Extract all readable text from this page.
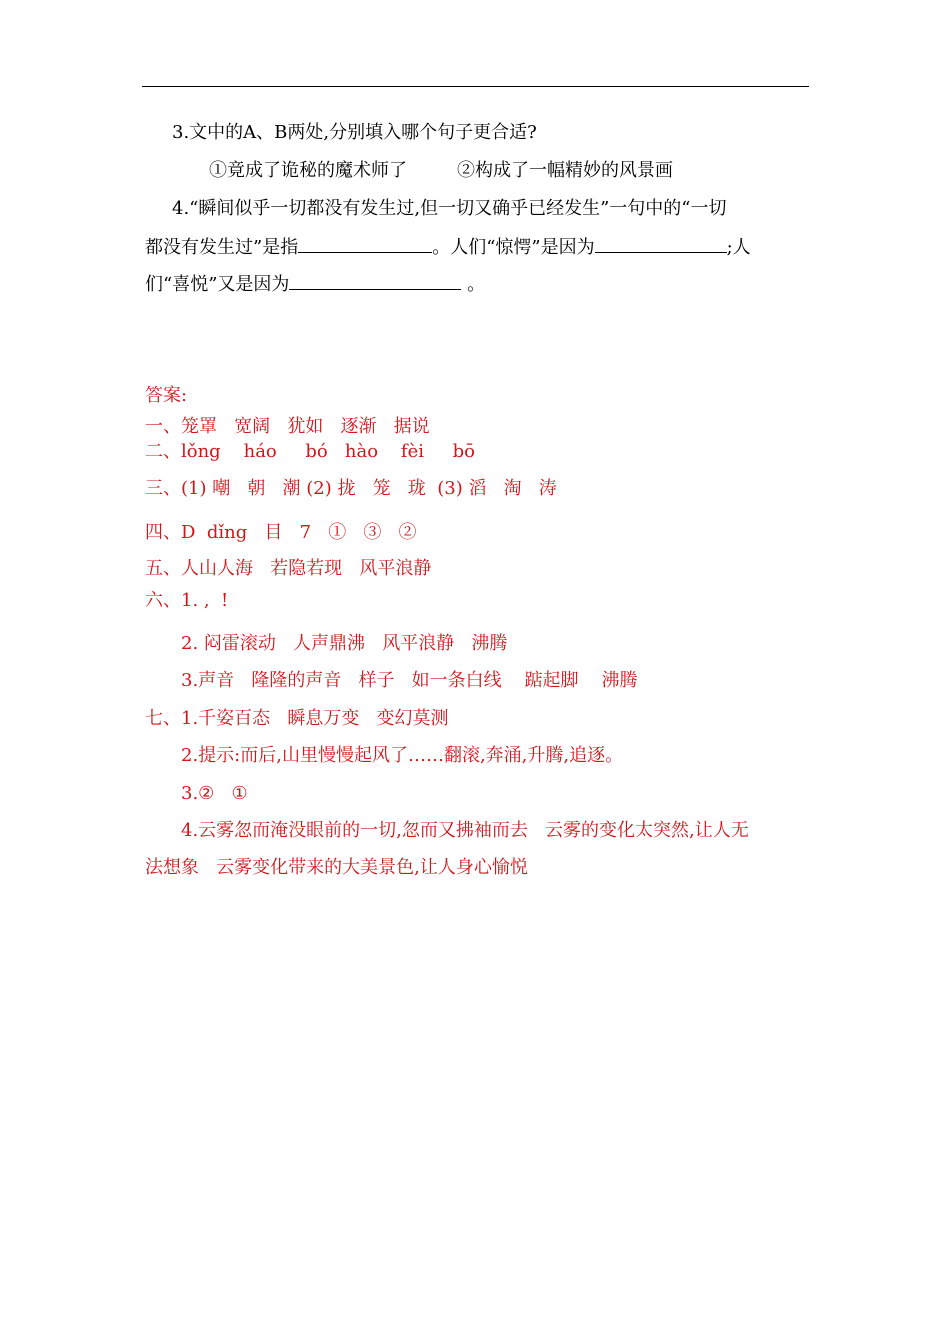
3.文中的A、B两处,分别填入哪个句子更合适?
①竟成了诡秘的魔术师了	②构成了一幅精妙的风景画
4.“瞬间似乎一切都没有发生过,但一切又确乎已经发生”一句中的“一切
都没有发生过”是指	。人们“惊愕”是因为	;人
们“喜悦”又是因为	。
答案:
一、笼罩   宽阔   犹如   逐渐   据说
二、lǒng    háo     bó   hào    fèi     bō
三、(1) 嘲   朝   潮 (2) 拢   笼   珑  (3) 滔   淘   涛
四、D  dǐng   目   7   ①   ③   ②
五、人山人海   若隐若现   风平浪静
六、1. ,  !
2. 闷雷滚动   人声鼎沸   风平浪静   沸腾
3.声音   隆隆的声音   样子   如一条白线    踮起脚    沸腾
七、1.千姿百态   瞬息万变   变幻莫测
2.提示:而后,山里慢慢起风了……翻滚,奔涌,升腾,追逐。
3.②   ①
4.云雾忽而淹没眼前的一切,忽而又拂袖而去   云雾的变化太突然,让人无
法想象   云雾变化带来的大美景色,让人身心愉悦
